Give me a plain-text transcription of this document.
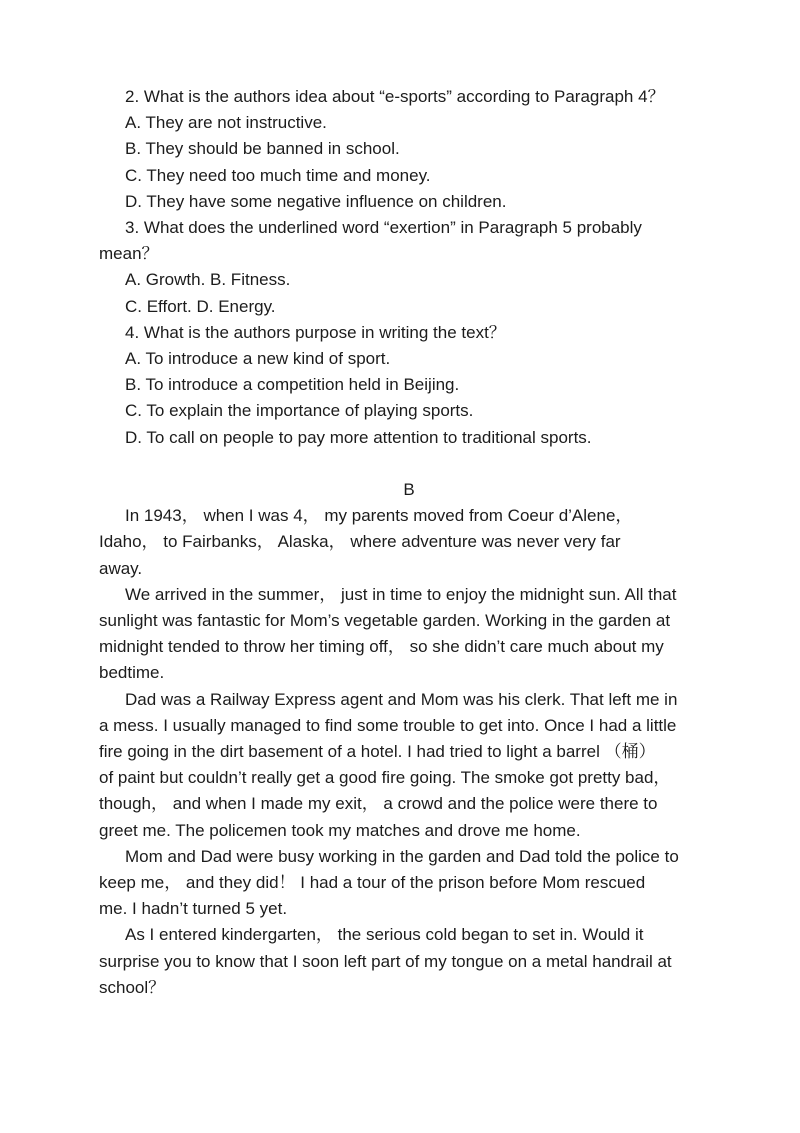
2. What is the authors idea about “e-sports” according to Paragraph 4？

A. They are not instructive.

B. They should be banned in school.

C. They need too much time and money.

D. They have some negative influence on children.

3. What does the underlined word “exertion” in Paragraph 5 probably

mean？

A. Growth. B. Fitness.

C. Effort. D. Energy.

4. What is the authors purpose in writing the text？

A. To introduce a new kind of sport.

B. To introduce a competition held in Beijing.

C. To explain the importance of playing sports.

D. To call on people to pay more attention to traditional sports.

B

In 1943， when I was 4， my parents moved from Coeur d’Alene，
Idaho， to Fairbanks， Alaska， where adventure was never very far
away.

We arrived in the summer， just in time to enjoy the midnight sun. All that
sunlight was fantastic for Mom’s vegetable garden. Working in the garden at
midnight tended to throw her timing off， so she didn’t care much about my
bedtime.

Dad was a Railway Express agent and Mom was his clerk. That left me in
a mess. I usually managed to find some trouble to get into. Once I had a little
fire going in the dirt basement of a hotel. I had tried to light a barrel （桶）
of paint but couldn’t really get a good fire going. The smoke got pretty bad，
though， and when I made my exit， a crowd and the police were there to
greet me. The policemen took my matches and drove me home.

Mom and Dad were busy working in the garden and Dad told the police to
keep me， and they did！ I had a tour of the prison before Mom rescued
me. I hadn’t turned 5 yet.

As I entered kindergarten， the serious cold began to set in. Would it
surprise you to know that I soon left part of my tongue on a metal handrail at
school？
